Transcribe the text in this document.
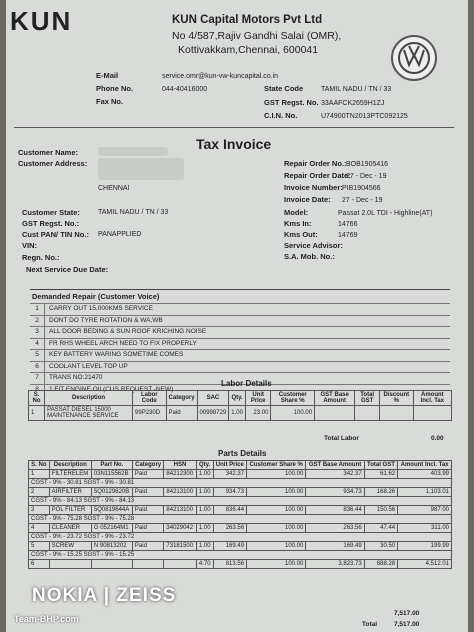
KUN	KUN Capital Motors Pvt Ltd
No 4/587,Rajiv Gandhi Salai (OMR),
Kottivakkam,Chennai, 600041
E-Mail	service.omr@kun-vw-kuncapital.co.in
Phone No.	044-40416000
Fax No.
State Code	TAMIL NADU / TN / 33
GST Regst. No. 33AAFCK2659H1ZJ
C.I.N. No.	U74900TN2013PTC092125
Tax Invoice
Customer Name:
Customer Address:
CHENNAI
Customer State:	TAMIL NADU / TN / 33
GST Regst. No.:
Cust PAN/ TIN No.: PANAPPLIED
VIN:
Regn. No.:
Next Service Due Date:
Repair Order No.: BOB1905416
Repair Order Date:
27 - Dec - 19
Invoice Number: PIB1904566
Invoice Date: 27 - Dec - 19
Model:	Passat 2.0L TDI - Highline(AT)
Kms In:	14766
Kms Out:	14769
Service Advisor:
S.A. Mob. No.:
Demanded Repair (Customer Voice)
1	CARRY OUT 15,000KMS SERVICE
2	DONT DO TYRE ROTATION & WA,WB
3	ALL DOOR BEDING & SUN ROOF KRICHING NOISE
4	FR RHS WHEEL ARCH NEED TO FIX PROPERLY
5	KEY BATTERY WARING SOMETIME COMES
6	COOLANT LEVEL TOP UP
7	TRANS NO:21470
8	1 FIT ENGINE OIL(CUS REQUEST -NEW)
Labor Details
S. No	Description	Labor Code	Category	SAC	Qty.	Unit Price	Customer Share %	GST Base Amount	Total GST	Discount %	Amount Incl. Tax
1	PASSAT DIESEL 15000 MAINTENANCE SERVICE	99P230D	Paid	00998729	1.00	23.00	100.00				
Total Labor	0.00
Parts Details
S. No	Description	Part No.	Category	HSN	Qty.	Unit Price	Customer Share %	GST Base Amount	Total GST	Amount Incl. Tax
1	FILTERELEM	03N115562B	Paid	84212300	1.00	342.37	100.00	342.37	61.62	403.99
CGST - 9% - 30.81 SGST - 9% - 30.81										
2	AIRFILTER	5Q0129620B	Paid	84213100	1.00	934.73	100.00	934.73	168.26	1,103.01
CGST - 9% - 84.13 SGST - 9% - 84.13										
3	POL FILTER	5Q0819644A	Paid	84213100	1.00	836.44	100.00	836.44	150.56	987.00
CGST - 9% - 75.28 SGST - 9% - 75.28										
4	CLEANER	G 052164M1	Paid	34029042	1.00	263.56	100.00	263.56	47.44	311.00
CGST - 9% - 23.72 SGST - 9% - 23.72										
5	SCREW	N 90813202	Paid	73181500	1.00	169.49	100.00	169.49	30.50	199.99
CGST - 9% - 15.25 SGST - 9% - 15.25										
6					4.70	813.56	100.00	3,823.73	688.28	4,512.01
7,517.00
Total	7,517.00
NOKIA | ZEISS
Team-BHP.com
